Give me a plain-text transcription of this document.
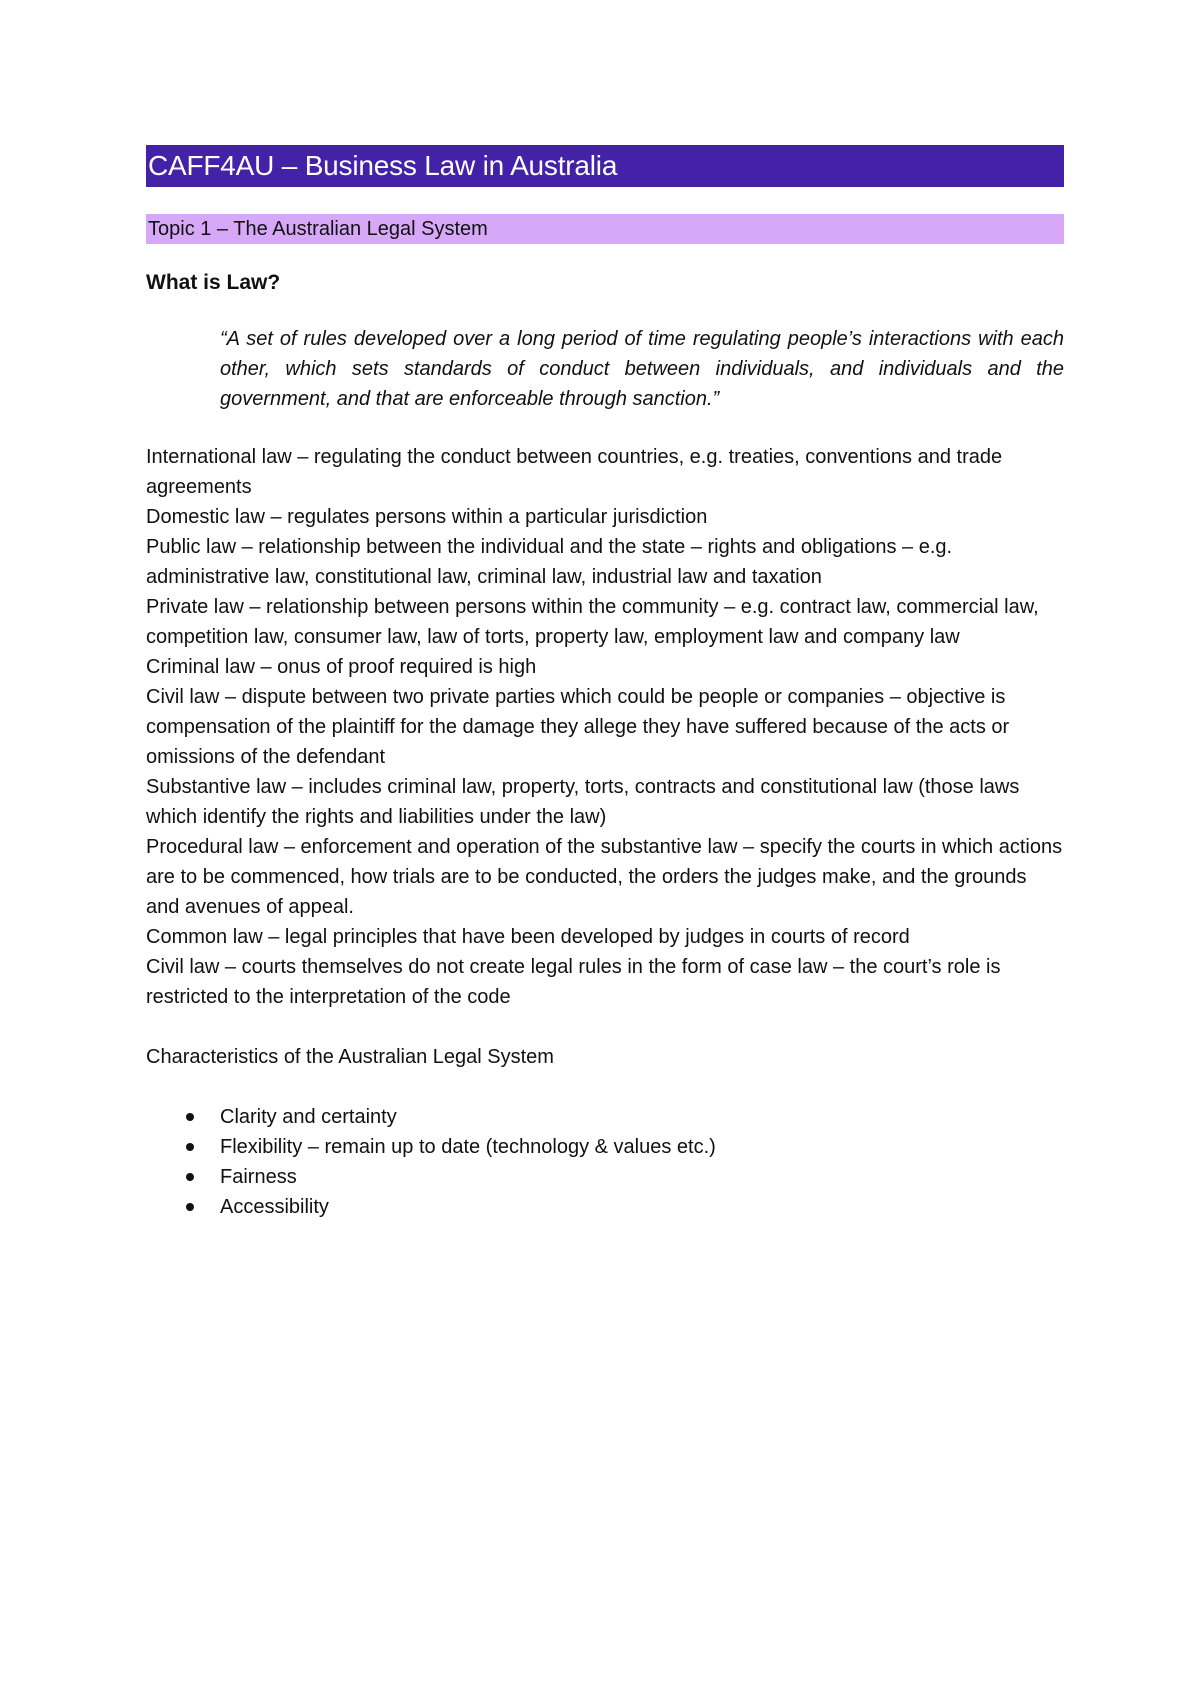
CAFF4AU – Business Law in Australia
Topic 1 – The Australian Legal System
What is Law?
“A set of rules developed over a long period of time regulating people’s interactions with each other, which sets standards of conduct between individuals, and individuals and the government, and that are enforceable through sanction.”

International law – regulating the conduct between countries, e.g. treaties, conventions and trade agreements

Domestic law – regulates persons within a particular jurisdiction

Public law – relationship between the individual and the state – rights and obligations – e.g. administrative law, constitutional law, criminal law, industrial law and taxation

Private law – relationship between persons within the community – e.g. contract law, commercial law, competition law, consumer law, law of torts, property law, employment law and company law

Criminal law – onus of proof required is high

Civil law – dispute between two private parties which could be people or companies – objective is compensation of the plaintiff for the damage they allege they have suffered because of the acts or omissions of the defendant

Substantive law – includes criminal law, property, torts, contracts and constitutional law (those laws which identify the rights and liabilities under the law)

Procedural law – enforcement and operation of the substantive law – specify the courts in which actions are to be commenced, how trials are to be conducted, the orders the judges make, and the grounds and avenues of appeal.

Common law – legal principles that have been developed by judges in courts of record

Civil law – courts themselves do not create legal rules in the form of case law – the court’s role is restricted to the interpretation of the code

Characteristics of the Australian Legal System
Clarity and certainty
Flexibility – remain up to date (technology & values etc.)
Fairness
Accessibility
